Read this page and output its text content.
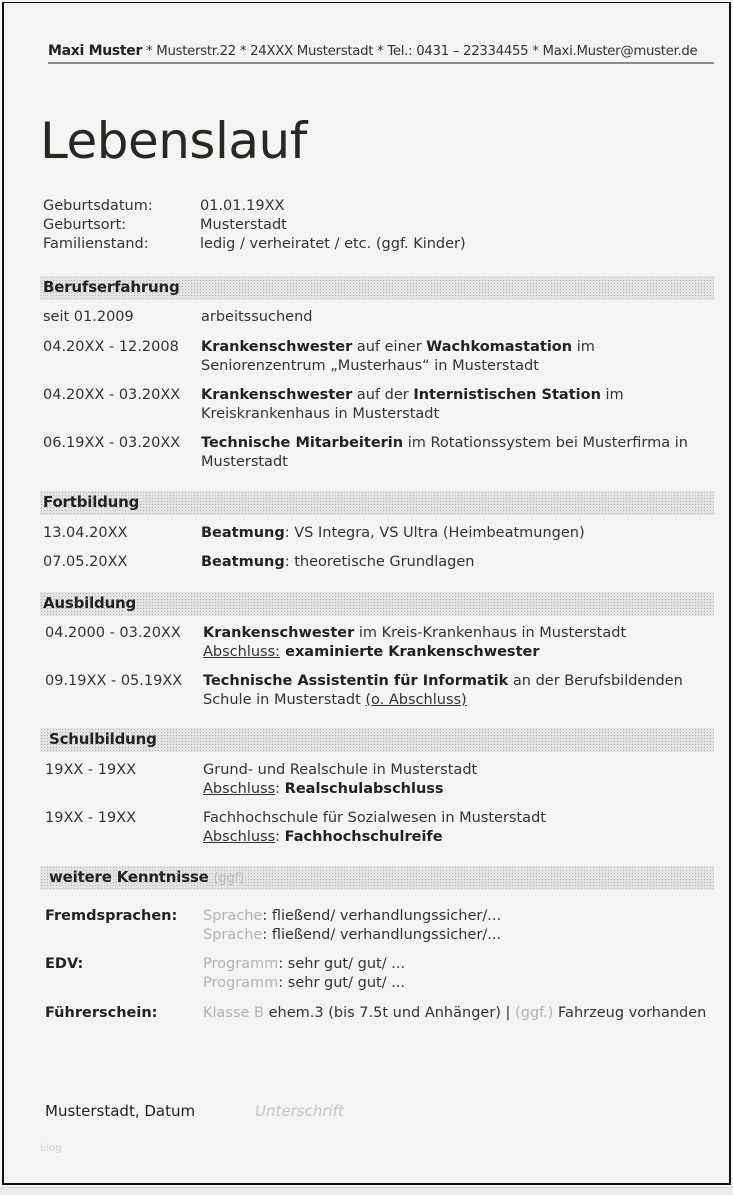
Maxi Muster * Musterstr.22 * 24XXX Musterstadt * Tel.: 0431 – 22334455 * Maxi.Muster@muster.de
Lebenslauf
Geburtsdatum:	01.01.19XX
Geburtsort:	Musterstadt
Familienstand:	ledig / verheiratet / etc. (ggf. Kinder)
Berufserfahrung
seit 01.2009	arbeitssuchend
04.20XX - 12.2008	Krankenschwester auf einer Wachkomastation im Seniorenzentrum „Musterhaus“ in Musterstadt
04.20XX - 03.20XX	Krankenschwester auf der Internistischen Station im Kreiskrankenhaus in Musterstadt
06.19XX - 03.20XX	Technische Mitarbeiterin im Rotationssystem bei Musterfirma in Musterstadt
Fortbildung
13.04.20XX	Beatmung: VS Integra, VS Ultra (Heimbeatmungen)
07.05.20XX	Beatmung: theoretische Grundlagen
Ausbildung
04.2000 - 03.20XX	Krankenschwester im Kreis-Krankenhaus in Musterstadt
Abschluss: examinierte Krankenschwester
09.19XX - 05.19XX	Technische Assistentin für Informatik an der Berufsbildenden Schule in Musterstadt (o. Abschluss)
Schulbildung
19XX - 19XX	Grund- und Realschule in Musterstadt
Abschluss: Realschulabschluss
19XX - 19XX	Fachhochschule für Sozialwesen in Musterstadt
Abschluss: Fachhochschulreife
weitere Kenntnisse (ggf)
Fremdsprachen:	Sprache: fließend/ verhandlungssicher/...
Sprache: fließend/ verhandlungssicher/...
EDV:	Programm: sehr gut/ gut/ ...
Programm: sehr gut/ gut/ ...
Führerschein:	Klasse B ehem.3 (bis 7.5t und Anhänger) | (ggf.) Fahrzeug vorhanden
Musterstadt, Datum	Unterschrift
blog
